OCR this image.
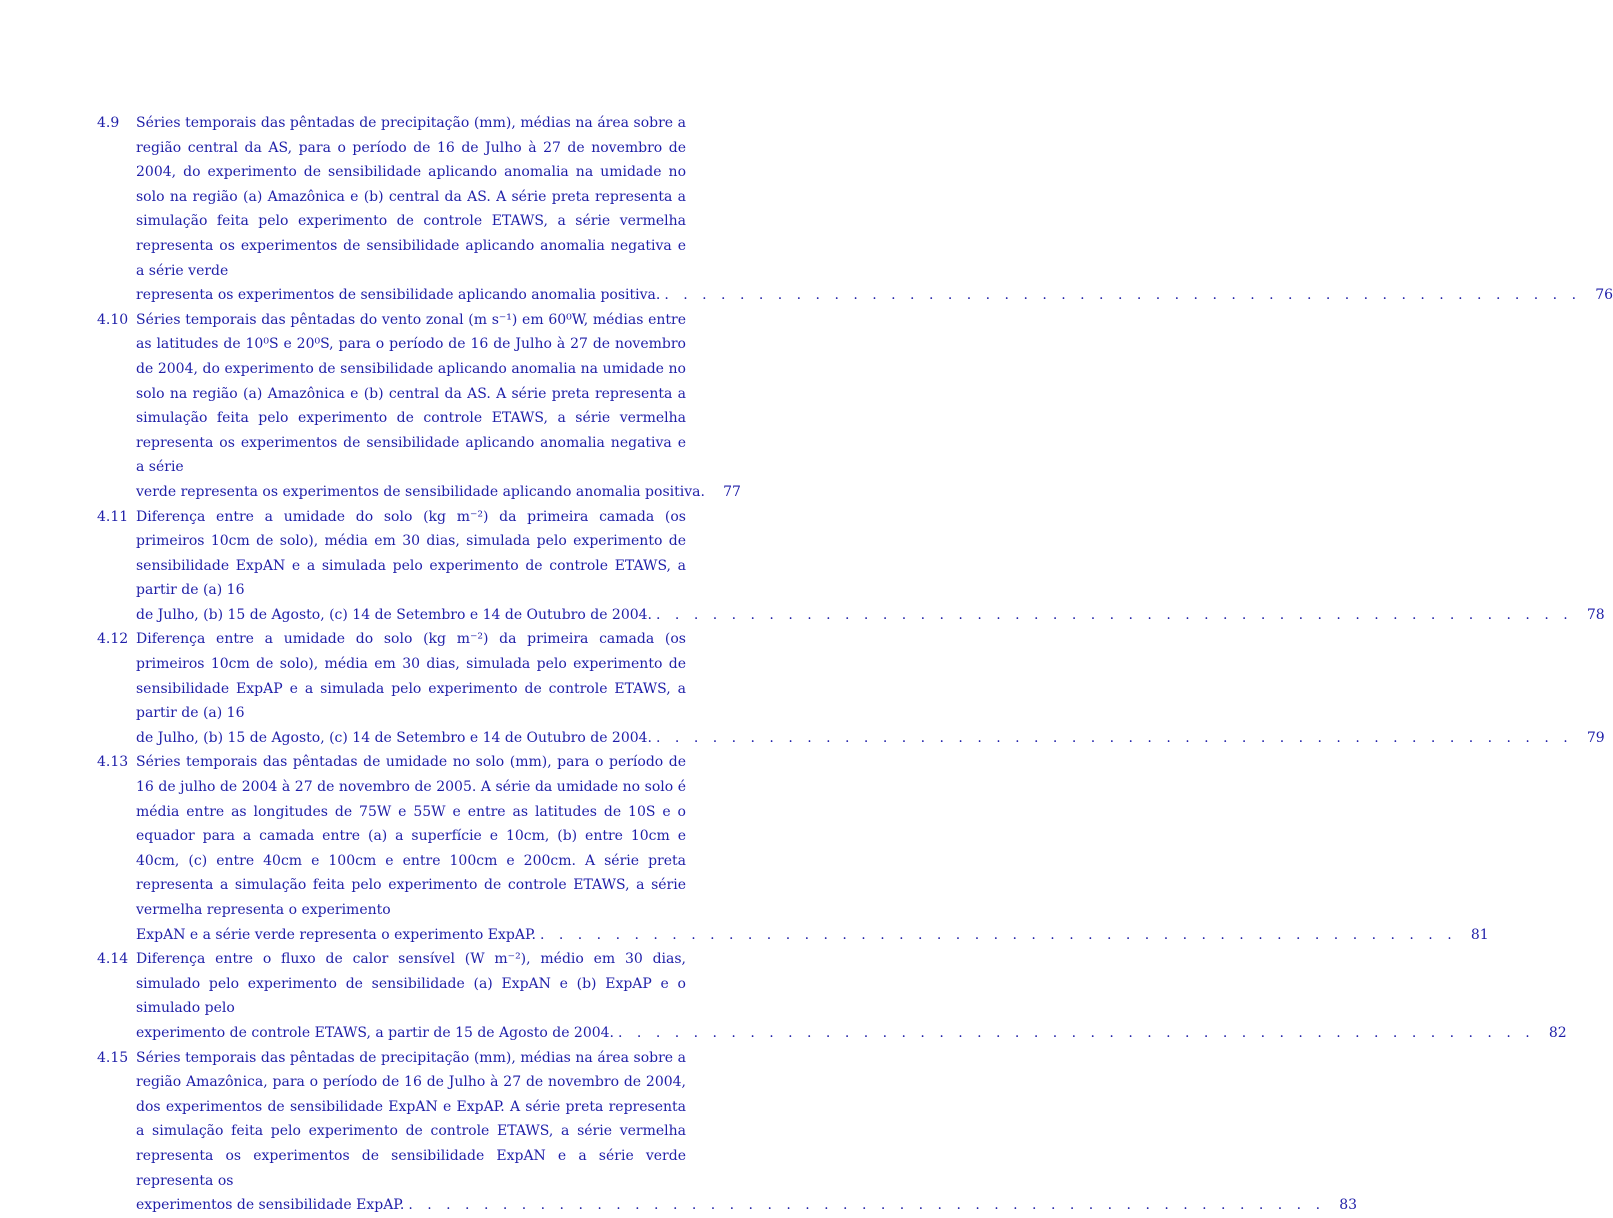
4.9 Séries temporais das pêntadas de precipitação (mm), médias na área sobre a região central da AS, para o período de 16 de Julho à 27 de novembro de 2004, do experimento de sensibilidade aplicando anomalia na umidade no solo na região (a) Amazônica e (b) central da AS. A série preta representa a simulação feita pelo experimento de controle ETAWS, a série vermelha representa os experimentos de sensibilidade aplicando anomalia negativa e a série verde
representa os experimentos de sensibilidade aplicando anomalia positiva. . . . . . . . . . . . . . . . . . . . . . . . . . . . . . . . . . . . . . . . . . . . . . . . . .	76
4.10 Séries temporais das pêntadas do vento zonal (m s⁻¹) em 60⁰W, médias entre as latitudes de 10⁰S e 20⁰S, para o período de 16 de Julho à 27 de novembro de 2004, do experimento de sensibilidade aplicando anomalia na umidade no solo na região (a) Amazônica e (b) central da AS. A série preta representa a simulação feita pelo experimento de controle ETAWS, a série vermelha representa os experimentos de sensibilidade aplicando anomalia negativa e a série
verde representa os experimentos de sensibilidade aplicando anomalia positiva.	77
4.11 Diferença entre a umidade do solo (kg m⁻²) da primeira camada (os primeiros 10cm de solo), média em 30 dias, simulada pelo experimento de sensibilidade ExpAN e a simulada pelo experimento de controle ETAWS, a partir de (a) 16
de Julho, (b) 15 de Agosto, (c) 14 de Setembro e 14 de Outubro de 2004. . . . . . . . . . . . . . . . . . . . . . . . . . . . . . . . . . . . . . . . . . . . . . . . . .	78
4.12 Diferença entre a umidade do solo (kg m⁻²) da primeira camada (os primeiros 10cm de solo), média em 30 dias, simulada pelo experimento de sensibilidade ExpAP e a simulada pelo experimento de controle ETAWS, a partir de (a) 16
de Julho, (b) 15 de Agosto, (c) 14 de Setembro e 14 de Outubro de 2004. . . . . . . . . . . . . . . . . . . . . . . . . . . . . . . . . . . . . . . . . . . . . . . . . .	79
4.13 Séries temporais das pêntadas de umidade no solo (mm), para o período de 16 de julho de 2004 à 27 de novembro de 2005. A série da umidade no solo é média entre as longitudes de 75W e 55W e entre as latitudes de 10S e o equador para a camada entre (a) a superfície e 10cm, (b) entre 10cm e 40cm, (c) entre 40cm e 100cm e entre 100cm e 200cm. A série preta representa a simulação feita pelo experimento de controle ETAWS, a série vermelha representa o experimento
ExpAN e a série verde representa o experimento ExpAP. . . . . . . . . . . . . . . . . . . . . . . . . . . . . . . . . . . . . . . . . . . . . . . . . .	81
4.14 Diferença entre o fluxo de calor sensível (W m⁻²), médio em 30 dias, simulado pelo experimento de sensibilidade (a) ExpAN e (b) ExpAP e o simulado pelo
experimento de controle ETAWS, a partir de 15 de Agosto de 2004. . . . . . . . . . . . . . . . . . . . . . . . . . . . . . . . . . . . . . . . . . . . . . . . . .	82
4.15 Séries temporais das pêntadas de precipitação (mm), médias na área sobre a região Amazônica, para o período de 16 de Julho à 27 de novembro de 2004, dos experimentos de sensibilidade ExpAN e ExpAP. A série preta representa a simulação feita pelo experimento de controle ETAWS, a série vermelha representa os experimentos de sensibilidade ExpAN e a série verde representa os
experimentos de sensibilidade ExpAP. . . . . . . . . . . . . . . . . . . . . . . . . . . . . . . . . . . . . . . . . . . . . . . . . .	83
